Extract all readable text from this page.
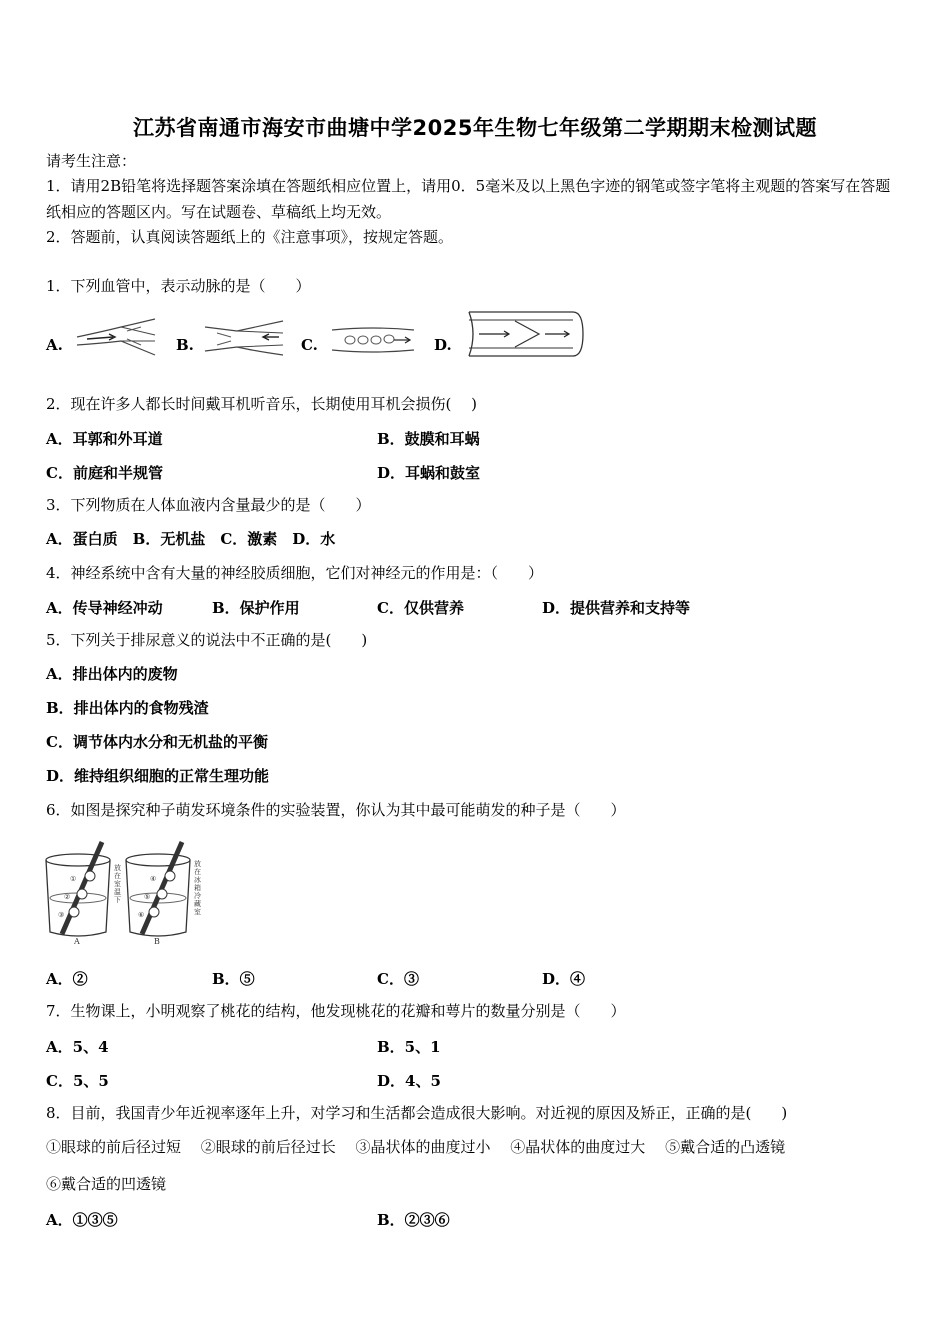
江苏省南通市海安市曲塘中学2025年生物七年级第二学期期末检测试题
请考生注意：
1．请用2B铅笔将选择题答案涂填在答题纸相应位置上，请用0．5毫米及以上黑色字迹的钢笔或签字笔将主观题的答案写在答题纸相应的答题区内。写在试题卷、草稿纸上均无效。
2．答题前，认真阅读答题纸上的《注意事项》，按规定答题。
1．下列血管中，表示动脉的是（　　）
A.	B.	C.	D.
2．现在许多人都长时间戴耳机听音乐，长期使用耳机会损伤(　 )
A．耳郭和外耳道	B．鼓膜和耳蜗
C．前庭和半规管	D．耳蜗和鼓室
3．下列物质在人体血液内含量最少的是（　　）
A．蛋白质　B．无机盐　C．激素　D．水
4．神经系统中含有大量的神经胶质细胞，它们对神经元的作用是：（　　）
A．传导神经冲动	B．保护作用	C．仅供营养	D．提供营养和支持等
5．下列关于排尿意义的说法中不正确的是(　　)
A．排出体内的废物
B．排出体内的食物残渣
C．调节体内水分和无机盐的平衡
D．维持组织细胞的正常生理功能
6．如图是探究种子萌发环境条件的实验装置，你认为其中最可能萌发的种子是（　　）
①
②
③
④
⑤
⑥
A	B
放在室温下
放在冰箱冷藏室
A．②	B．⑤	C．③	D．④
7．生物课上，小明观察了桃花的结构，他发现桃花的花瓣和萼片的数量分别是（　　）
A．5、4	B．5、1
C．5、5	D．4、5
8．目前，我国青少年近视率逐年上升，对学习和生活都会造成很大影响。对近视的原因及矫正，正确的是(　　)
①眼球的前后径过短　 ②眼球的前后径过长　 ③晶状体的曲度过小　 ④晶状体的曲度过大　 ⑤戴合适的凸透镜
⑥戴合适的凹透镜
A．①③⑤	B．②③⑥
